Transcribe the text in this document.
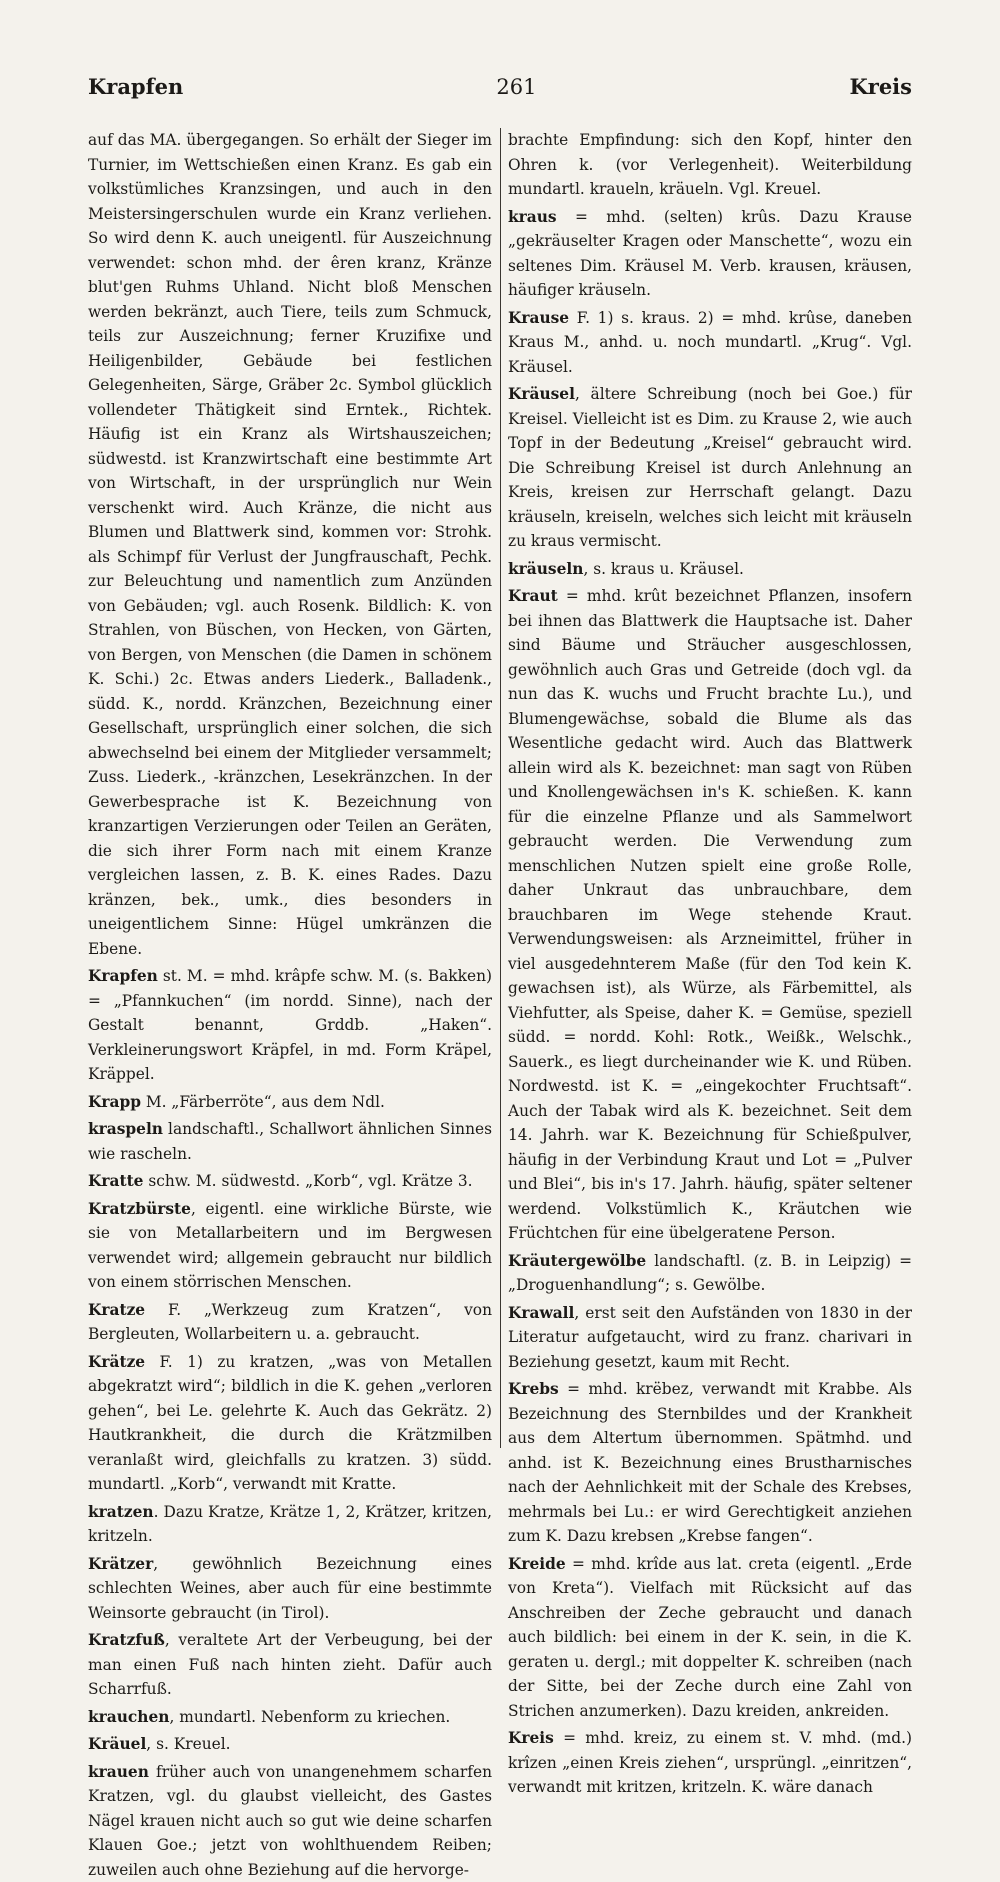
Krapfen	261	Kreis

auf das MA. übergegangen. So erhält der Sieger im Turnier, im Wettschießen einen Kranz. Es gab ein volkstümliches Kranzsingen, und auch in den Meistersingerschulen wurde ein Kranz verliehen. So wird denn K. auch uneigentl. für Auszeichnung verwendet: schon mhd. der êren kranz, Kränze blut'gen Ruhms Uhland. Nicht bloß Menschen werden bekränzt, auch Tiere, teils zum Schmuck, teils zur Auszeichnung; ferner Kruzifixe und Heiligenbilder, Gebäude bei festlichen Gelegenheiten, Särge, Gräber 2c. Symbol glücklich vollendeter Thätigkeit sind Erntek., Richtek. Häufig ist ein Kranz als Wirtshauszeichen; südwestd. ist Kranzwirtschaft eine bestimmte Art von Wirtschaft, in der ursprünglich nur Wein verschenkt wird. Auch Kränze, die nicht aus Blumen und Blattwerk sind, kommen vor: Strohk. als Schimpf für Verlust der Jungfrauschaft, Pechk. zur Beleuchtung und namentlich zum Anzünden von Gebäuden; vgl. auch Rosenk. Bildlich: K. von Strahlen, von Büschen, von Hecken, von Gärten, von Bergen, von Menschen (die Damen in schönem K. Schi.) 2c. Etwas anders Liederk., Balladenk., südd. K., nordd. Kränzchen, Bezeichnung einer Gesellschaft, ursprünglich einer solchen, die sich abwechselnd bei einem der Mitglieder versammelt; Zuss. Liederk., -kränzchen, Lesekränzchen. In der Gewerbesprache ist K. Bezeichnung von kranzartigen Verzierungen oder Teilen an Geräten, die sich ihrer Form nach mit einem Kranze vergleichen lassen, z. B. K. eines Rades. Dazu kränzen, bek., umk., dies besonders in uneigentlichem Sinne: Hügel umkränzen die Ebene.

Krapfen st. M. = mhd. krâpfe schw. M. (s. Bakken) = „Pfannkuchen“ (im nordd. Sinne), nach der Gestalt benannt, Grddb. „Haken“. Verkleinerungswort Kräpfel, in md. Form Kräpel, Kräppel.

Krapp M. „Färberröte“, aus dem Ndl.

kraspeln landschaftl., Schallwort ähnlichen Sinnes wie rascheln.

Kratte schw. M. südwestd. „Korb“, vgl. Krätze 3.

Kratzbürste, eigentl. eine wirkliche Bürste, wie sie von Metallarbeitern und im Bergwesen verwendet wird; allgemein gebraucht nur bildlich von einem störrischen Menschen.

Kratze F. „Werkzeug zum Kratzen“, von Bergleuten, Wollarbeitern u. a. gebraucht.

Krätze F. 1) zu kratzen, „was von Metallen abgekratzt wird“; bildlich in die K. gehen „verloren gehen“, bei Le. gelehrte K. Auch das Gekrätz. 2) Hautkrankheit, die durch die Krätzmilben veranlaßt wird, gleichfalls zu kratzen. 3) südd. mundartl. „Korb“, verwandt mit Kratte.

kratzen. Dazu Kratze, Krätze 1, 2, Krätzer, kritzen, kritzeln.

Krätzer, gewöhnlich Bezeichnung eines schlechten Weines, aber auch für eine bestimmte Weinsorte gebraucht (in Tirol).

Kratzfuß, veraltete Art der Verbeugung, bei der man einen Fuß nach hinten zieht. Dafür auch Scharrfuß.

krauchen, mundartl. Nebenform zu kriechen.

Kräuel, s. Kreuel.

krauen früher auch von unangenehmem scharfen Kratzen, vgl. du glaubst vielleicht, des Gastes Nägel krauen nicht auch so gut wie deine scharfen Klauen Goe.; jetzt von wohlthuendem Reiben; zuweilen auch ohne Beziehung auf die hervorge-

brachte Empfindung: sich den Kopf, hinter den Ohren k. (vor Verlegenheit). Weiterbildung mundartl. kraueln, kräueln. Vgl. Kreuel.

kraus = mhd. (selten) krûs. Dazu Krause „gekräuselter Kragen oder Manschette“, wozu ein seltenes Dim. Kräusel M. Verb. krausen, kräusen, häufiger kräuseln.

Krause F. 1) s. kraus. 2) = mhd. krûse, daneben Kraus M., anhd. u. noch mundartl. „Krug“. Vgl. Kräusel.

Kräusel, ältere Schreibung (noch bei Goe.) für Kreisel. Vielleicht ist es Dim. zu Krause 2, wie auch Topf in der Bedeutung „Kreisel“ gebraucht wird. Die Schreibung Kreisel ist durch Anlehnung an Kreis, kreisen zur Herrschaft gelangt. Dazu kräuseln, kreiseln, welches sich leicht mit kräuseln zu kraus vermischt.

kräuseln, s. kraus u. Kräusel.

Kraut = mhd. krût bezeichnet Pflanzen, insofern bei ihnen das Blattwerk die Hauptsache ist. Daher sind Bäume und Sträucher ausgeschlossen, gewöhnlich auch Gras und Getreide (doch vgl. da nun das K. wuchs und Frucht brachte Lu.), und Blumengewächse, sobald die Blume als das Wesentliche gedacht wird. Auch das Blattwerk allein wird als K. bezeichnet: man sagt von Rüben und Knollengewächsen in's K. schießen. K. kann für die einzelne Pflanze und als Sammelwort gebraucht werden. Die Verwendung zum menschlichen Nutzen spielt eine große Rolle, daher Unkraut das unbrauchbare, dem brauchbaren im Wege stehende Kraut. Verwendungsweisen: als Arzneimittel, früher in viel ausgedehnterem Maße (für den Tod kein K. gewachsen ist), als Würze, als Färbemittel, als Viehfutter, als Speise, daher K. = Gemüse, speziell südd. = nordd. Kohl: Rotk., Weißk., Welschk., Sauerk., es liegt durcheinander wie K. und Rüben. Nordwestd. ist K. = „eingekochter Fruchtsaft“. Auch der Tabak wird als K. bezeichnet. Seit dem 14. Jahrh. war K. Bezeichnung für Schießpulver, häufig in der Verbindung Kraut und Lot = „Pulver und Blei“, bis in's 17. Jahrh. häufig, später seltener werdend. Volkstümlich K., Kräutchen wie Früchtchen für eine übelgeratene Person.

Kräutergewölbe landschaftl. (z. B. in Leipzig) = „Droguenhandlung“; s. Gewölbe.

Krawall, erst seit den Aufständen von 1830 in der Literatur aufgetaucht, wird zu franz. charivari in Beziehung gesetzt, kaum mit Recht.

Krebs = mhd. krëbez, verwandt mit Krabbe. Als Bezeichnung des Sternbildes und der Krankheit aus dem Altertum übernommen. Spätmhd. und anhd. ist K. Bezeichnung eines Brustharnisches nach der Aehnlichkeit mit der Schale des Krebses, mehrmals bei Lu.: er wird Gerechtigkeit anziehen zum K. Dazu krebsen „Krebse fangen“.

Kreide = mhd. krîde aus lat. creta (eigentl. „Erde von Kreta“). Vielfach mit Rücksicht auf das Anschreiben der Zeche gebraucht und danach auch bildlich: bei einem in der K. sein, in die K. geraten u. dergl.; mit doppelter K. schreiben (nach der Sitte, bei der Zeche durch eine Zahl von Strichen anzumerken). Dazu kreiden, ankreiden.

Kreis = mhd. kreiz, zu einem st. V. mhd. (md.) krîzen „einen Kreis ziehen“, ursprüngl. „einritzen“, verwandt mit kritzen, kritzeln. K. wäre danach
